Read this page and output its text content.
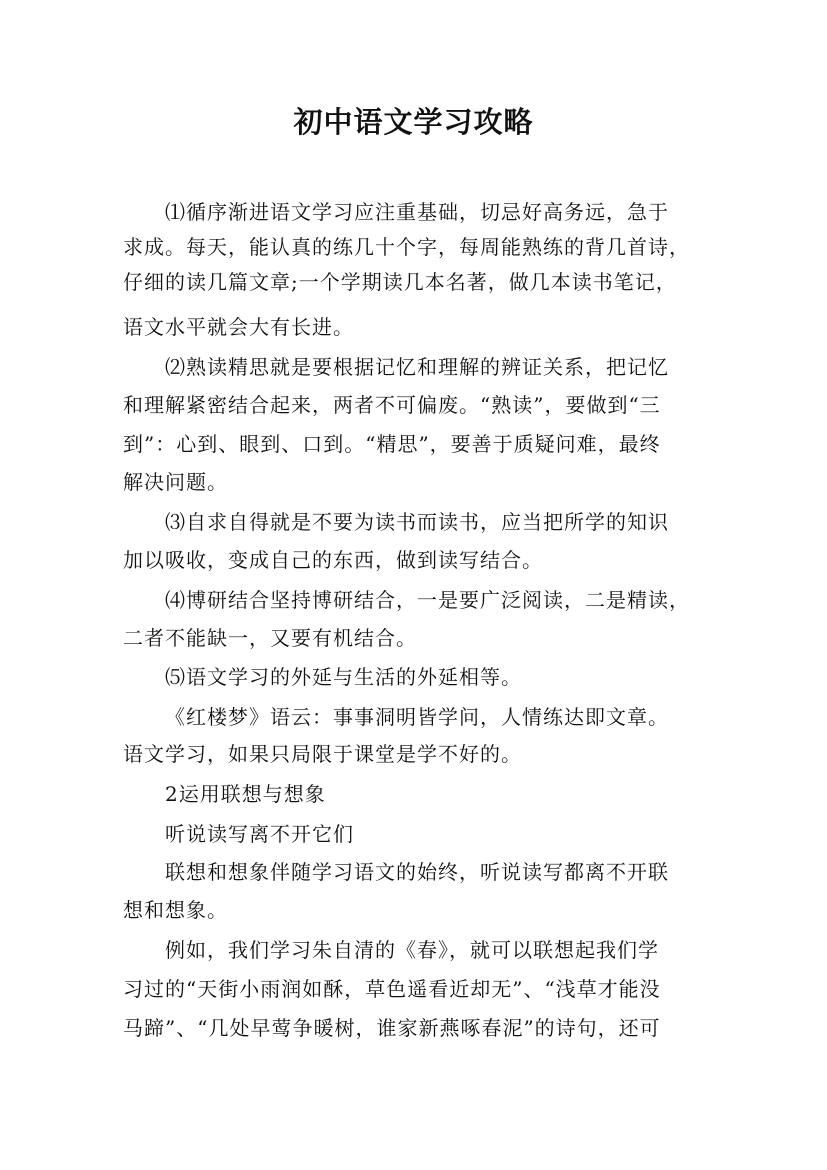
初中语文学习攻略
⑴循序渐进语文学习应注重基础，切忌好高务远，急于
求成。每天，能认真的练几十个字，每周能熟练的背几首诗，
仔细的读几篇文章;一个学期读几本名著，做几本读书笔记，
语文水平就会大有长进。
⑵熟读精思就是要根据记忆和理解的辨证关系，把记忆
和理解紧密结合起来，两者不可偏废。“熟读”，要做到“三
到”：心到、眼到、口到。“精思”，要善于质疑问难，最终
解决问题。
⑶自求自得就是不要为读书而读书，应当把所学的知识
加以吸收，变成自己的东西，做到读写结合。
⑷博研结合坚持博研结合，一是要广泛阅读，二是精读，
二者不能缺一，又要有机结合。
⑸语文学习的外延与生活的外延相等。
《红楼梦》语云：事事洞明皆学问，人情练达即文章。
语文学习，如果只局限于课堂是学不好的。
2运用联想与想象
听说读写离不开它们
联想和想象伴随学习语文的始终，听说读写都离不开联
想和想象。
例如，我们学习朱自清的《春》，就可以联想起我们学
习过的“天街小雨润如酥，草色遥看近却无”、“浅草才能没
马蹄”、“几处早莺争暖树，谁家新燕啄春泥”的诗句，还可
